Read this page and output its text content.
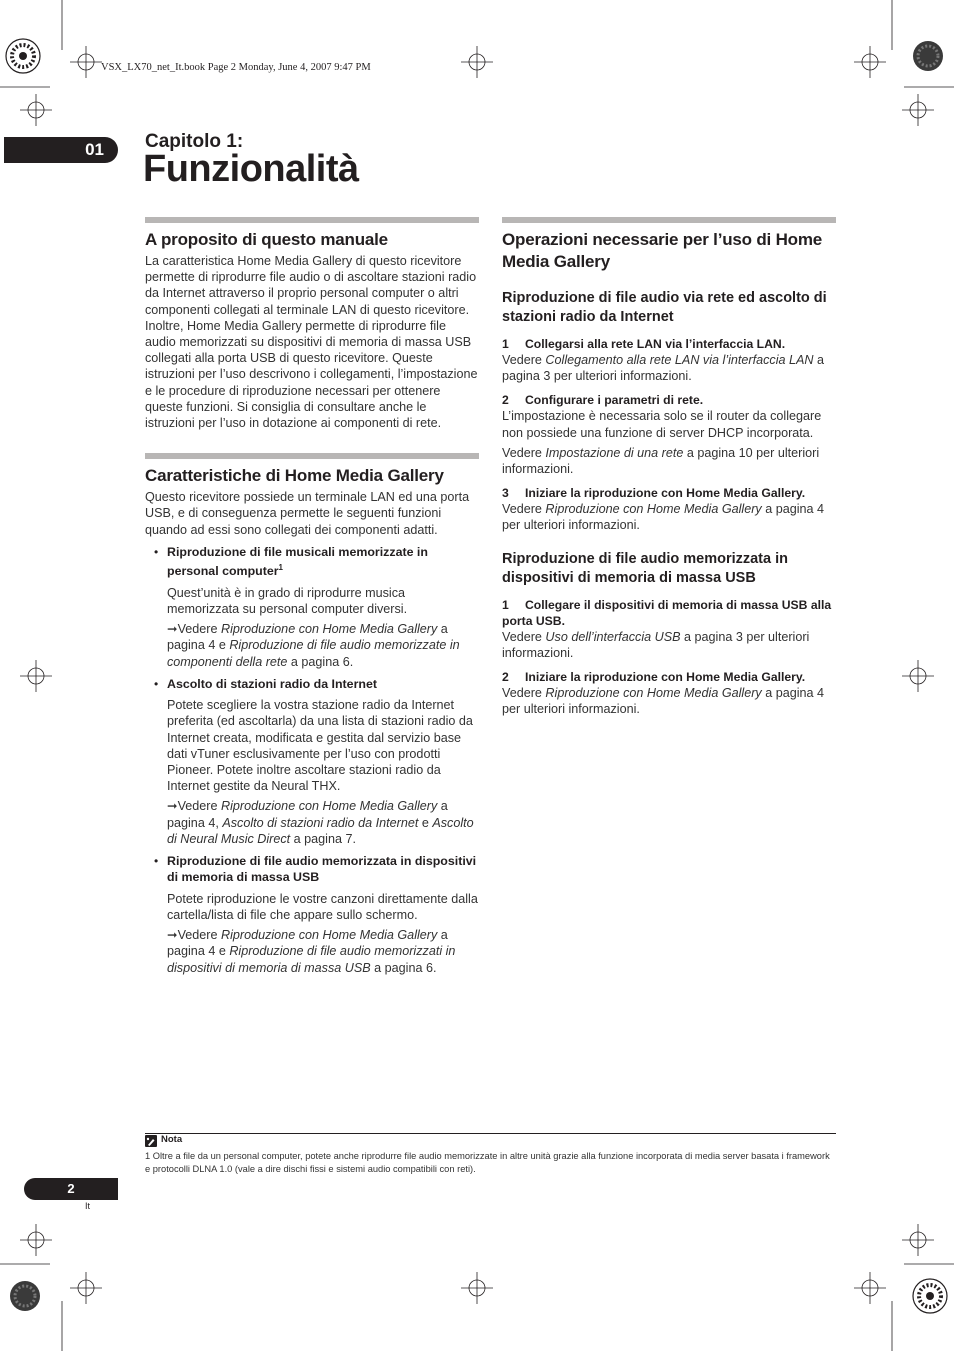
VSX_LX70_net_It.book Page 2 Monday, June 4, 2007 9:47 PM
01	Capitolo 1:
Funzionalità
A proposito di questo manuale

La caratteristica Home Media Gallery di questo ricevitore permette di riprodurre file audio o di ascoltare stazioni radio da Internet attraverso il proprio personal computer o altri componenti collegati al terminale LAN di questo ricevitore. Inoltre, Home Media Gallery permette di riprodurre file audio memorizzati su dispositivi di memoria di massa USB collegati alla porta USB di questo ricevitore. Queste istruzioni per l’uso descrivono i collegamenti, l’impostazione e le procedure di riproduzione necessari per ottenere queste funzioni. Si consiglia di consultare anche le istruzioni per l’uso in dotazione ai componenti di rete.

Caratteristiche di Home Media Gallery

Questo ricevitore possiede un terminale LAN ed una porta USB, e di conseguenza permette le seguenti funzioni quando ad essi sono collegati dei componenti adatti.

• Riproduzione di file musicali memorizzate in personal computer$^1$

Quest’unità è in grado di riprodurre musica memorizzata su personal computer diversi.

➞Vedere Riproduzione con Home Media Gallery a pagina 4 e Riproduzione di file audio memorizzate in componenti della rete a pagina 6.

• Ascolto di stazioni radio da Internet

Potete scegliere la vostra stazione radio da Internet preferita (ed ascoltarla) da una lista di stazioni radio da Internet creata, modificata e gestita dal servizio base dati vTuner esclusivamente per l’uso con prodotti Pioneer. Potete inoltre ascoltare stazioni radio da Internet gestite da Neural THX.

➞Vedere Riproduzione con Home Media Gallery a pagina 4, Ascolto di stazioni radio da Internet e Ascolto di Neural Music Direct a pagina 7.

• Riproduzione di file audio memorizzata in dispositivi di memoria di massa USB

Potete riproduzione le vostre canzoni direttamente dalla cartella/lista di file che appare sullo schermo.

➞Vedere Riproduzione con Home Media Gallery a pagina 4 e Riproduzione di file audio memorizzati in dispositivi di memoria di massa USB a pagina 6.

Operazioni necessarie per l’uso di Home Media Gallery
Riproduzione di file audio via rete ed ascolto di stazioni radio da Internet

1 Collegarsi alla rete LAN via l’interfaccia LAN.

Vedere Collegamento alla rete LAN via l’interfaccia LAN a pagina 3 per ulteriori informazioni.

2 Configurare i parametri di rete.

L’impostazione è necessaria solo se il router da collegare non possiede una funzione di server DHCP incorporata.

Vedere Impostazione di una rete a pagina 10 per ulteriori informazioni.

3 Iniziare la riproduzione con Home Media Gallery.

Vedere Riproduzione con Home Media Gallery a pagina 4 per ulteriori informazioni.

Riproduzione di file audio memorizzata in dispositivi di memoria di massa USB

1 Collegare il dispositivi di memoria di massa USB alla porta USB.

Vedere Uso dell’interfaccia USB a pagina 3 per ulteriori informazioni.

2 Iniziare la riproduzione con Home Media Gallery.

Vedere Riproduzione con Home Media Gallery a pagina 4 per ulteriori informazioni.

Nota
1 Oltre a file da un personal computer, potete anche riprodurre file audio memorizzate in altre unità grazie alla funzione incorporata di media server basata i framework e protocolli DLNA 1.0 (vale a dire dischi fissi e sistemi audio compatibili con reti).
2
It
